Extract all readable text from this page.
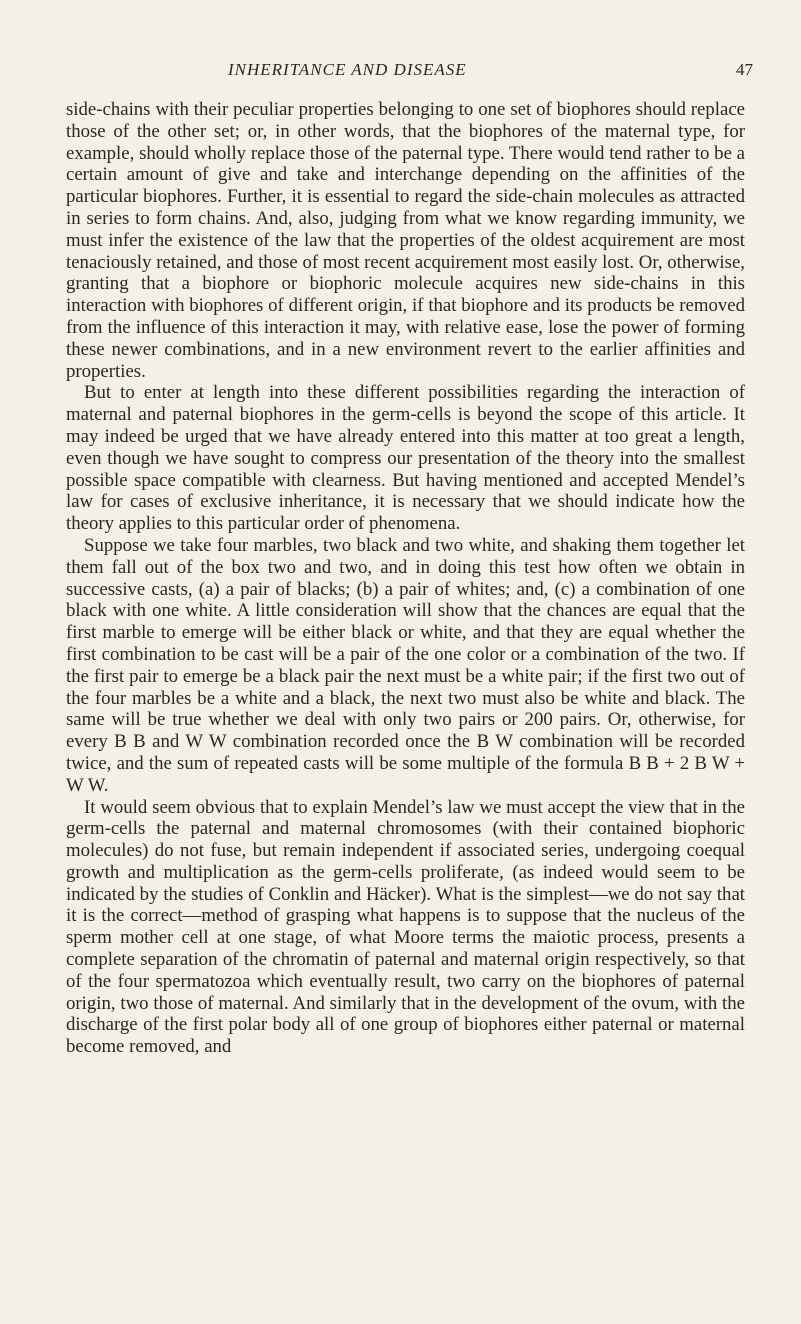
INHERITANCE AND DISEASE	47

side-chains with their peculiar properties belonging to one set of biophores should replace those of the other set; or, in other words, that the biophores of the maternal type, for example, should wholly replace those of the paternal type. There would tend rather to be a certain amount of give and take and interchange depending on the affinities of the particular biophores. Further, it is essential to regard the side-chain molecules as attracted in series to form chains. And, also, judging from what we know regarding immunity, we must infer the existence of the law that the properties of the oldest acquirement are most tenaciously retained, and those of most recent acquirement most easily lost. Or, otherwise, granting that a biophore or biophoric molecule acquires new side-chains in this interaction with biophores of different origin, if that biophore and its products be removed from the influence of this interaction it may, with relative ease, lose the power of forming these newer combinations, and in a new environment revert to the earlier affinities and properties.

But to enter at length into these different possibilities regarding the interaction of maternal and paternal biophores in the germ-cells is beyond the scope of this article. It may indeed be urged that we have already entered into this matter at too great a length, even though we have sought to compress our presentation of the theory into the smallest possible space compatible with clearness. But having mentioned and accepted Mendel’s law for cases of exclusive inheritance, it is necessary that we should indicate how the theory applies to this particular order of phenomena.

Suppose we take four marbles, two black and two white, and shaking them together let them fall out of the box two and two, and in doing this test how often we obtain in successive casts, (a) a pair of blacks; (b) a pair of whites; and, (c) a combination of one black with one white. A little consideration will show that the chances are equal that the first marble to emerge will be either black or white, and that they are equal whether the first combination to be cast will be a pair of the one color or a combination of the two. If the first pair to emerge be a black pair the next must be a white pair; if the first two out of the four marbles be a white and a black, the next two must also be white and black. The same will be true whether we deal with only two pairs or 200 pairs. Or, otherwise, for every B B and W W combination recorded once the B W combination will be recorded twice, and the sum of repeated casts will be some multiple of the formula B B + 2 B W + W W.

It would seem obvious that to explain Mendel’s law we must accept the view that in the germ-cells the paternal and maternal chromosomes (with their contained biophoric molecules) do not fuse, but remain independent if associated series, undergoing coequal growth and multiplication as the germ-cells proliferate, (as indeed would seem to be indicated by the studies of Conklin and Häcker). What is the simplest—we do not say that it is the correct—method of grasping what happens is to suppose that the nucleus of the sperm mother cell at one stage, of what Moore terms the maiotic process, presents a complete separation of the chromatin of paternal and maternal origin respectively, so that of the four spermatozoa which eventually result, two carry on the biophores of paternal origin, two those of maternal. And similarly that in the development of the ovum, with the discharge of the first polar body all of one group of biophores either paternal or maternal become removed, and
